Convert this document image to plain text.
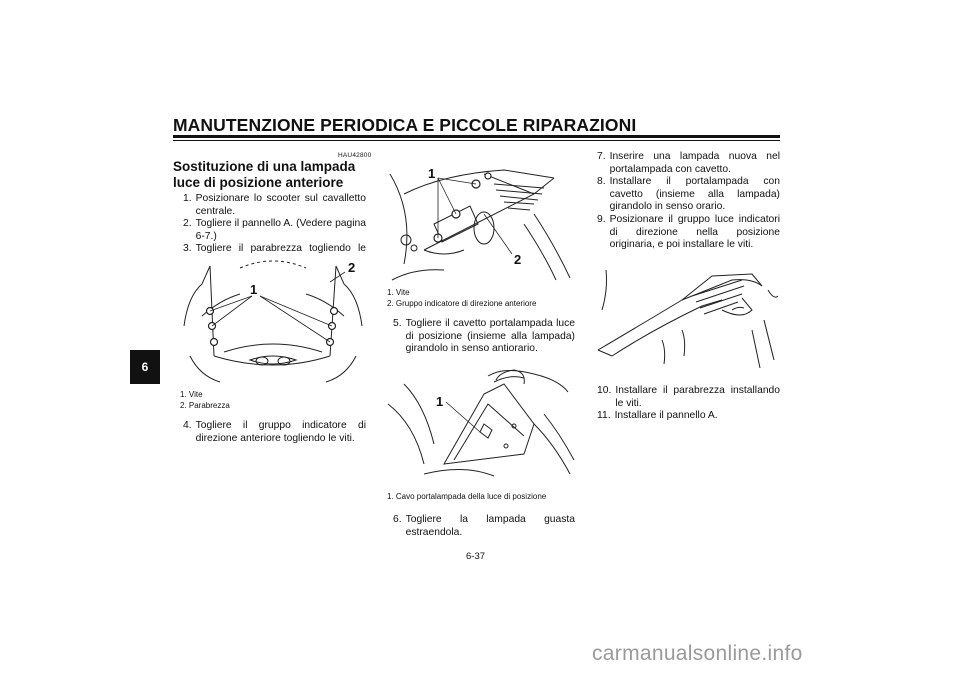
MANUTENZIONE PERIODICA E PICCOLE RIPARAZIONI
6
HAU42800
Sostituzione di una lampada luce di posizione anteriore
1. Posizionare lo scooter sul cavalletto centrale.
2. Togliere il pannello A. (Vedere pagina 6-7.)
3. Togliere il parabrezza togliendo le
1
2
1. Vite
2. Parabrezza
4. Togliere il gruppo indicatore di direzione anteriore togliendo le viti.
1
2
1. Vite
2. Gruppo indicatore di direzione anteriore
5. Togliere il cavetto portalampada luce di posizione (insieme alla lampada) girandolo in senso antiorario.
1
1. Cavo portalampada della luce di posizione
6. Togliere la lampada guasta estraendola.
7. Inserire una lampada nuova nel portalampada con cavetto.
8. Installare il portalampada con cavetto (insieme alla lampada) girandolo in senso orario.
9. Posizionare il gruppo luce indicatori di direzione nella posizione originaria, e poi installare le viti.
10. Installare il parabrezza installando le viti.
11. Installare il pannello A.
6-37
carmanualsonline.info
